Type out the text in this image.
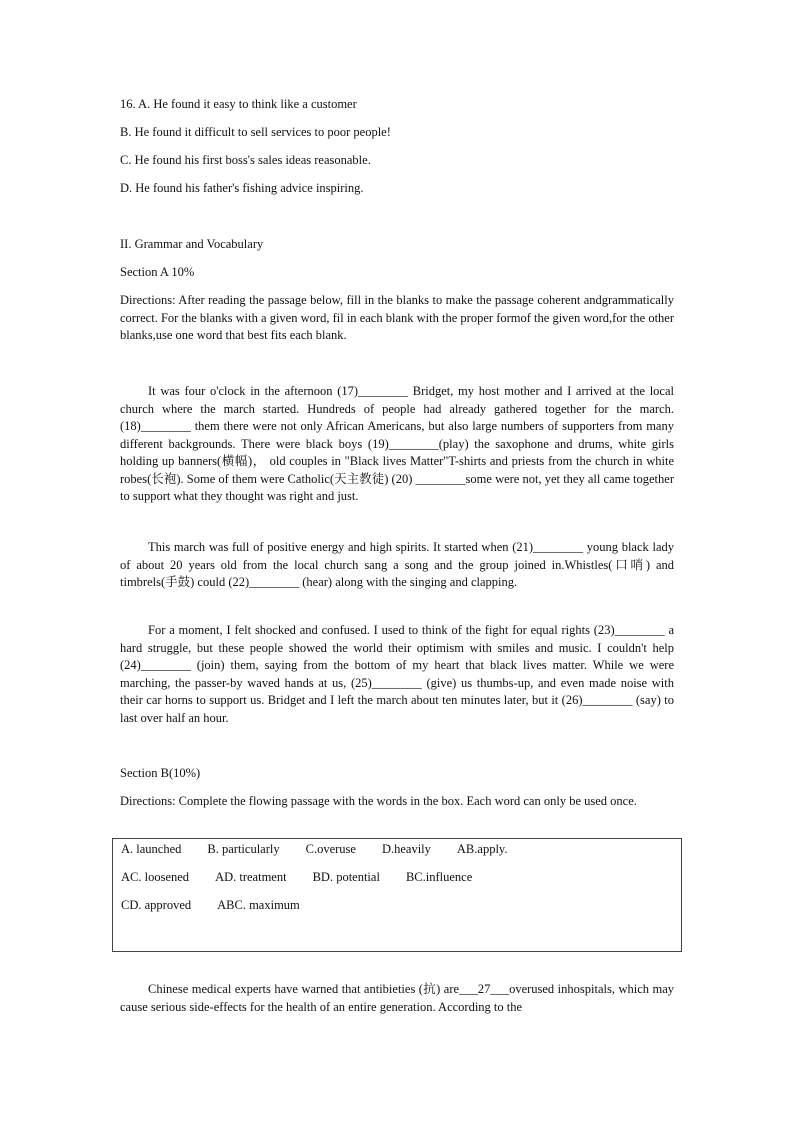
16. A. He found it easy to think like a customer
B. He found it difficult to sell services to poor people!
C. He found his first boss's sales ideas reasonable.
D. He found his father's fishing advice inspiring.
II. Grammar and Vocabulary
Section A 10%
Directions: After reading the passage below, fill in the blanks to make the passage coherent andgrammatically correct. For the blanks with a given word, fil in each blank with the proper formof the given word,for the other blanks,use one word that best fits each blank.
It was four o'clock in the afternoon (17)________ Bridget, my host mother and I arrived at the local church where the march started. Hundreds of people had already gathered together for the march. (18)________ them there were not only African Americans, but also large numbers of supporters from many different backgrounds. There were black boys (19)________(play) the saxophone and drums, white girls holding up banners(横幅)， old couples in "Black lives Matter"T-shirts and priests from the church in white robes(长袍). Some of them were Catholic(天主教徒) (20) ________some were not, yet they all came together to support what they thought was right and just.
This march was full of positive energy and high spirits. It started when (21)________ young black lady of about 20 years old from the local church sang a song and the group joined in.Whistles(口哨) and timbrels(手鼓) could (22)________ (hear) along with the singing and clapping.
For a moment, I felt shocked and confused. I used to think of the fight for equal rights (23)________ a hard struggle, but these people showed the world their optimism with smiles and music. I couldn't help (24)________ (join) them, saying from the bottom of my heart that black lives matter. While we were marching, the passer-by waved hands at us, (25)________ (give) us thumbs-up, and even made noise with their car horns to support us. Bridget and I left the march about ten minutes later, but it (26)________ (say) to last over half an hour.
Section B(10%)
Directions: Complete the flowing passage with the words in the box. Each word can only be used once.
A. launched B. particularly C.overuse D.heavily AB.apply.
AC. loosened AD. treatment BD. potential BC.influence
CD. approved ABC. maximum
Chinese medical experts have warned that antibieties (抗) are___27___overused inhospitals, which may cause serious side-effects for the health of an entire generation. According to the
